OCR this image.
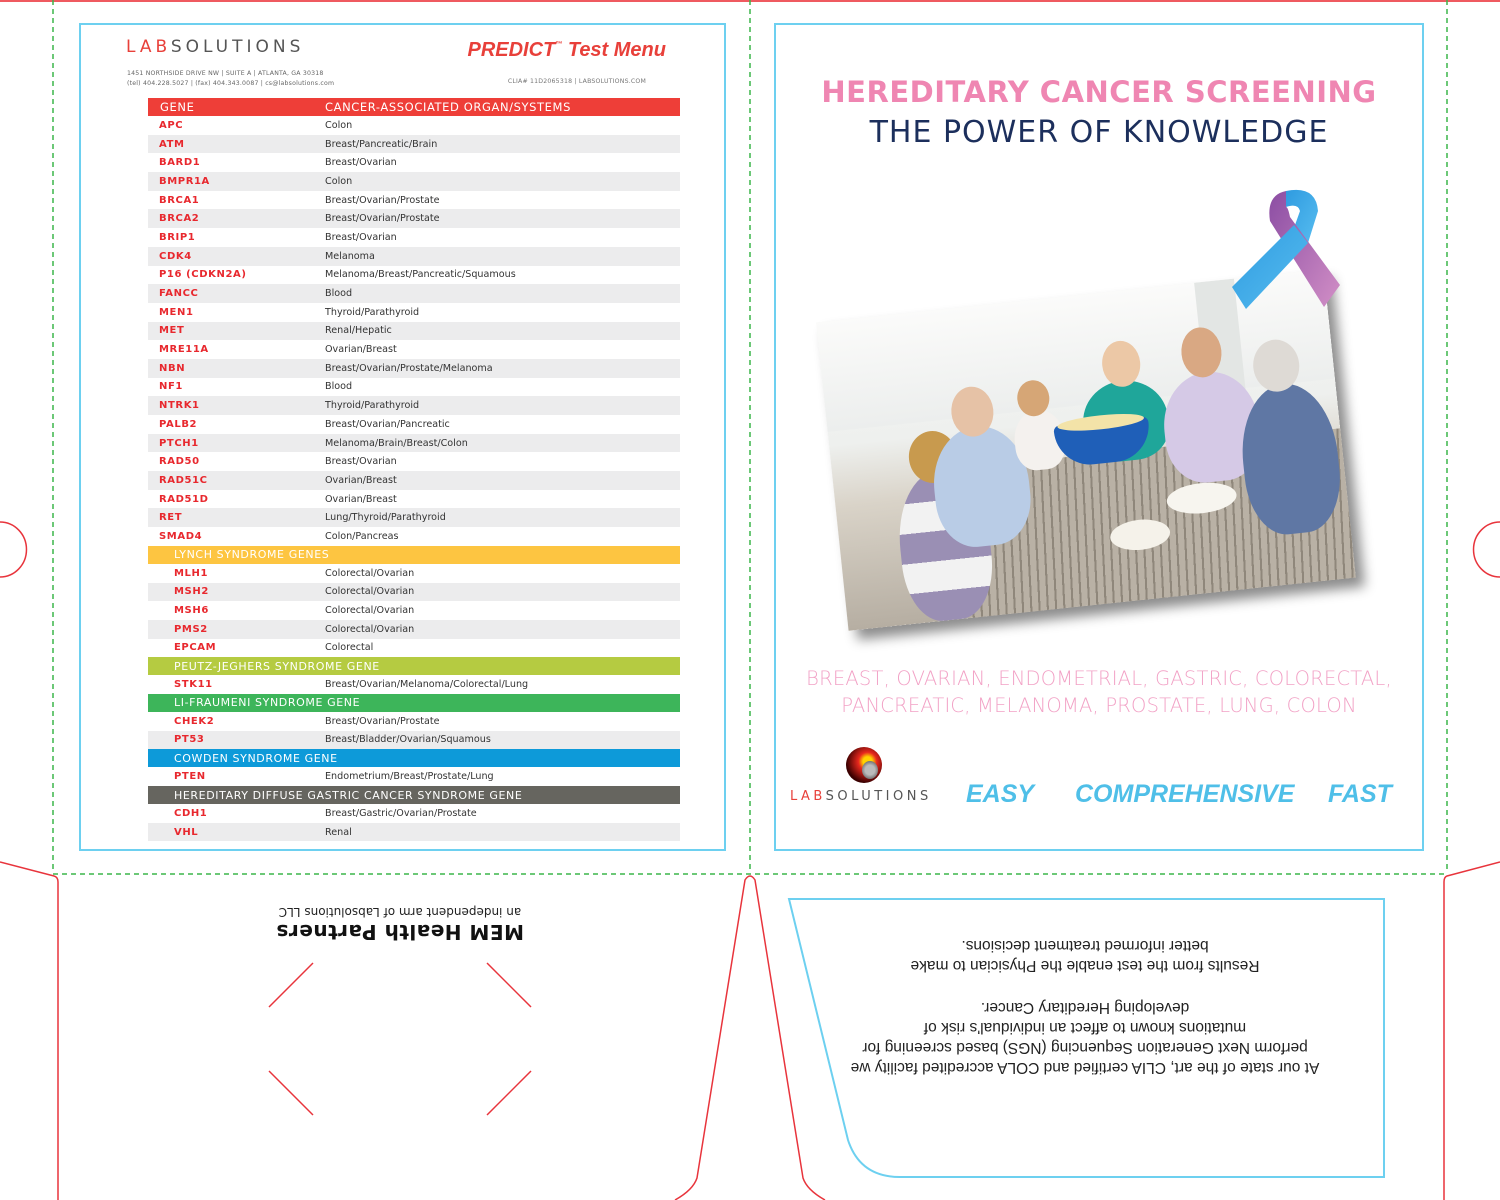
LABSOLUTIONS
1451 NORTHSIDE DRIVE NW | SUITE A | ATLANTA, GA 30318
(tel) 404.228.5027 | (fax) 404.343.0087 | cs@labsolutions.com
PREDICT™ Test Menu
CLIA# 11D2065318 | LABSOLUTIONS.COM
GENE	CANCER-ASSOCIATED ORGAN/SYSTEMS
APC	Colon
ATM	Breast/Pancreatic/Brain
BARD1	Breast/Ovarian
BMPR1A	Colon
BRCA1	Breast/Ovarian/Prostate
BRCA2	Breast/Ovarian/Prostate
BRIP1	Breast/Ovarian
CDK4	Melanoma
P16 (CDKN2A)	Melanoma/Breast/Pancreatic/Squamous
FANCC	Blood
MEN1	Thyroid/Parathyroid
MET	Renal/Hepatic
MRE11A	Ovarian/Breast
NBN	Breast/Ovarian/Prostate/Melanoma
NF1	Blood
NTRK1	Thyroid/Parathyroid
PALB2	Breast/Ovarian/Pancreatic
PTCH1	Melanoma/Brain/Breast/Colon
RAD50	Breast/Ovarian
RAD51C	Ovarian/Breast
RAD51D	Ovarian/Breast
RET	Lung/Thyroid/Parathyroid
SMAD4	Colon/Pancreas
LYNCH SYNDROME GENES
MLH1	Colorectal/Ovarian
MSH2	Colorectal/Ovarian
MSH6	Colorectal/Ovarian
PMS2	Colorectal/Ovarian
EPCAM	Colorectal
PEUTZ-JEGHERS SYNDROME GENE
STK11	Breast/Ovarian/Melanoma/Colorectal/Lung
LI-FRAUMENI SYNDROME GENE
CHEK2	Breast/Ovarian/Prostate
PT53	Breast/Bladder/Ovarian/Squamous
COWDEN SYNDROME GENE
PTEN	Endometrium/Breast/Prostate/Lung
HEREDITARY DIFFUSE GASTRIC CANCER SYNDROME GENE
CDH1	Breast/Gastric/Ovarian/Prostate
VHL	Renal
HEREDITARY CANCER SCREENING
THE POWER OF KNOWLEDGE
BREAST, OVARIAN, ENDOMETRIAL, GASTRIC, COLORECTAL,
PANCREATIC, MELANOMA, PROSTATE, LUNG, COLON
LABSOLUTIONS EASY COMPREHENSIVE FAST
MEM Health Partners
an independent arm of Labsolutions LLC
At our state of the art, CLIA certified and COLA accredited facility we
perform Next Generation Sequencing (NGS) based screening for
mutations known to affect an individual's risk of
developing Hereditary Cancer.
Results from the test enable the Physician to make
better informed treatment decisions.
